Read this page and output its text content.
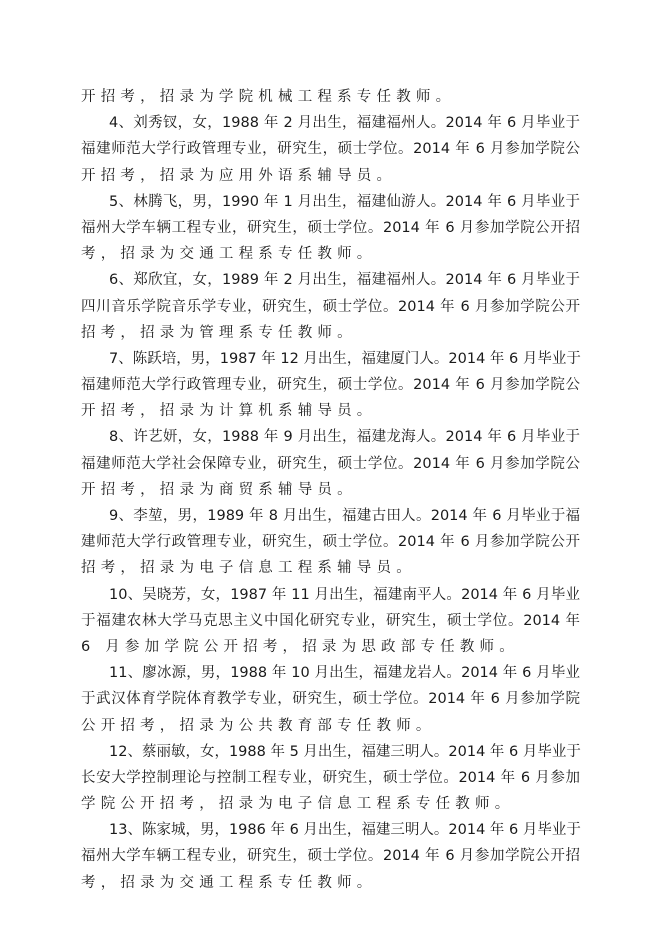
开招考，招录为学院机械工程系专任教师。
4、刘秀钗，女，1988 年 2 月出生，福建福州人。2014 年 6 月毕业于
福建师范大学行政管理专业，研究生，硕士学位。2014 年 6 月参加学院公
开招考，招录为应用外语系辅导员。
5、林腾飞，男，1990 年 1 月出生，福建仙游人。2014 年 6 月毕业于
福州大学车辆工程专业，研究生，硕士学位。2014 年 6 月参加学院公开招
考，招录为交通工程系专任教师。
6、郑欣宜，女，1989 年 2 月出生，福建福州人。2014 年 6 月毕业于
四川音乐学院音乐学专业，研究生，硕士学位。2014 年 6 月参加学院公开
招考，招录为管理系专任教师。
7、陈跃培，男，1987 年 12 月出生，福建厦门人。2014 年 6 月毕业于
福建师范大学行政管理专业，研究生，硕士学位。2014 年 6 月参加学院公
开招考，招录为计算机系辅导员。
8、许艺妍，女，1988 年 9 月出生，福建龙海人。2014 年 6 月毕业于
福建师范大学社会保障专业，研究生，硕士学位。2014 年 6 月参加学院公
开招考，招录为商贸系辅导员。
9、李堃，男，1989 年 8 月出生，福建古田人。2014 年 6 月毕业于福
建师范大学行政管理专业，研究生，硕士学位。2014 年 6 月参加学院公开
招考，招录为电子信息工程系辅导员。
10、吴晓芳，女，1987 年 11 月出生，福建南平人。2014 年 6 月毕业
于福建农林大学马克思主义中国化研究专业，研究生，硕士学位。2014 年
6 月参加学院公开招考，招录为思政部专任教师。
11、廖冰源，男，1988 年 10 月出生，福建龙岩人。2014 年 6 月毕业
于武汉体育学院体育教学专业，研究生，硕士学位。2014 年 6 月参加学院
公开招考，招录为公共教育部专任教师。
12、蔡丽敏，女，1988 年 5 月出生，福建三明人。2014 年 6 月毕业于
长安大学控制理论与控制工程专业，研究生，硕士学位。2014 年 6 月参加
学院公开招考，招录为电子信息工程系专任教师。
13、陈家城，男，1986 年 6 月出生，福建三明人。2014 年 6 月毕业于
福州大学车辆工程专业，研究生，硕士学位。2014 年 6 月参加学院公开招
考，招录为交通工程系专任教师。
